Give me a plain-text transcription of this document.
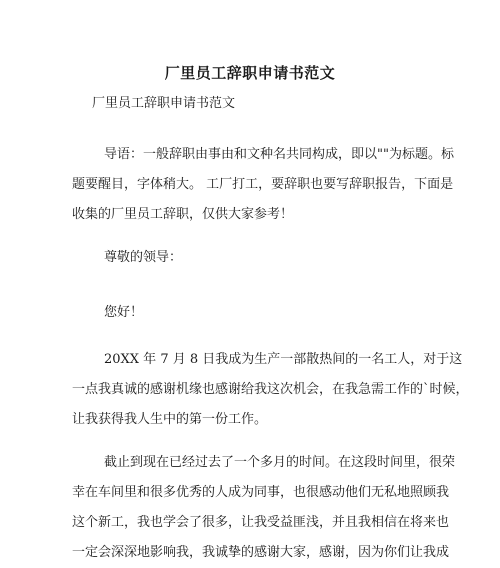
厂里员工辞职申请书范文
厂里员工辞职申请书范文
导语：一般辞职由事由和文种名共同构成，即以""为标题。标
题要醒目，字体稍大。 工厂打工，要辞职也要写辞职报告，下面是
收集的厂里员工辞职，仅供大家参考！
尊敬的领导：
您好！
20XX 年 7 月 8 日我成为生产一部散热间的一名工人，对于这
一点我真诚的感谢机缘也感谢给我这次机会，在我急需工作的`时候，
让我获得我人生中的第一份工作。
截止到现在已经过去了一个多月的时间。在这段时间里，很荣
幸在车间里和很多优秀的人成为同事，也很感动他们无私地照顾我
这个新工，我也学会了很多，让我受益匪浅，并且我相信在将来也
一定会深深地影响我，我诚挚的感谢大家，感谢，因为你们让我成
